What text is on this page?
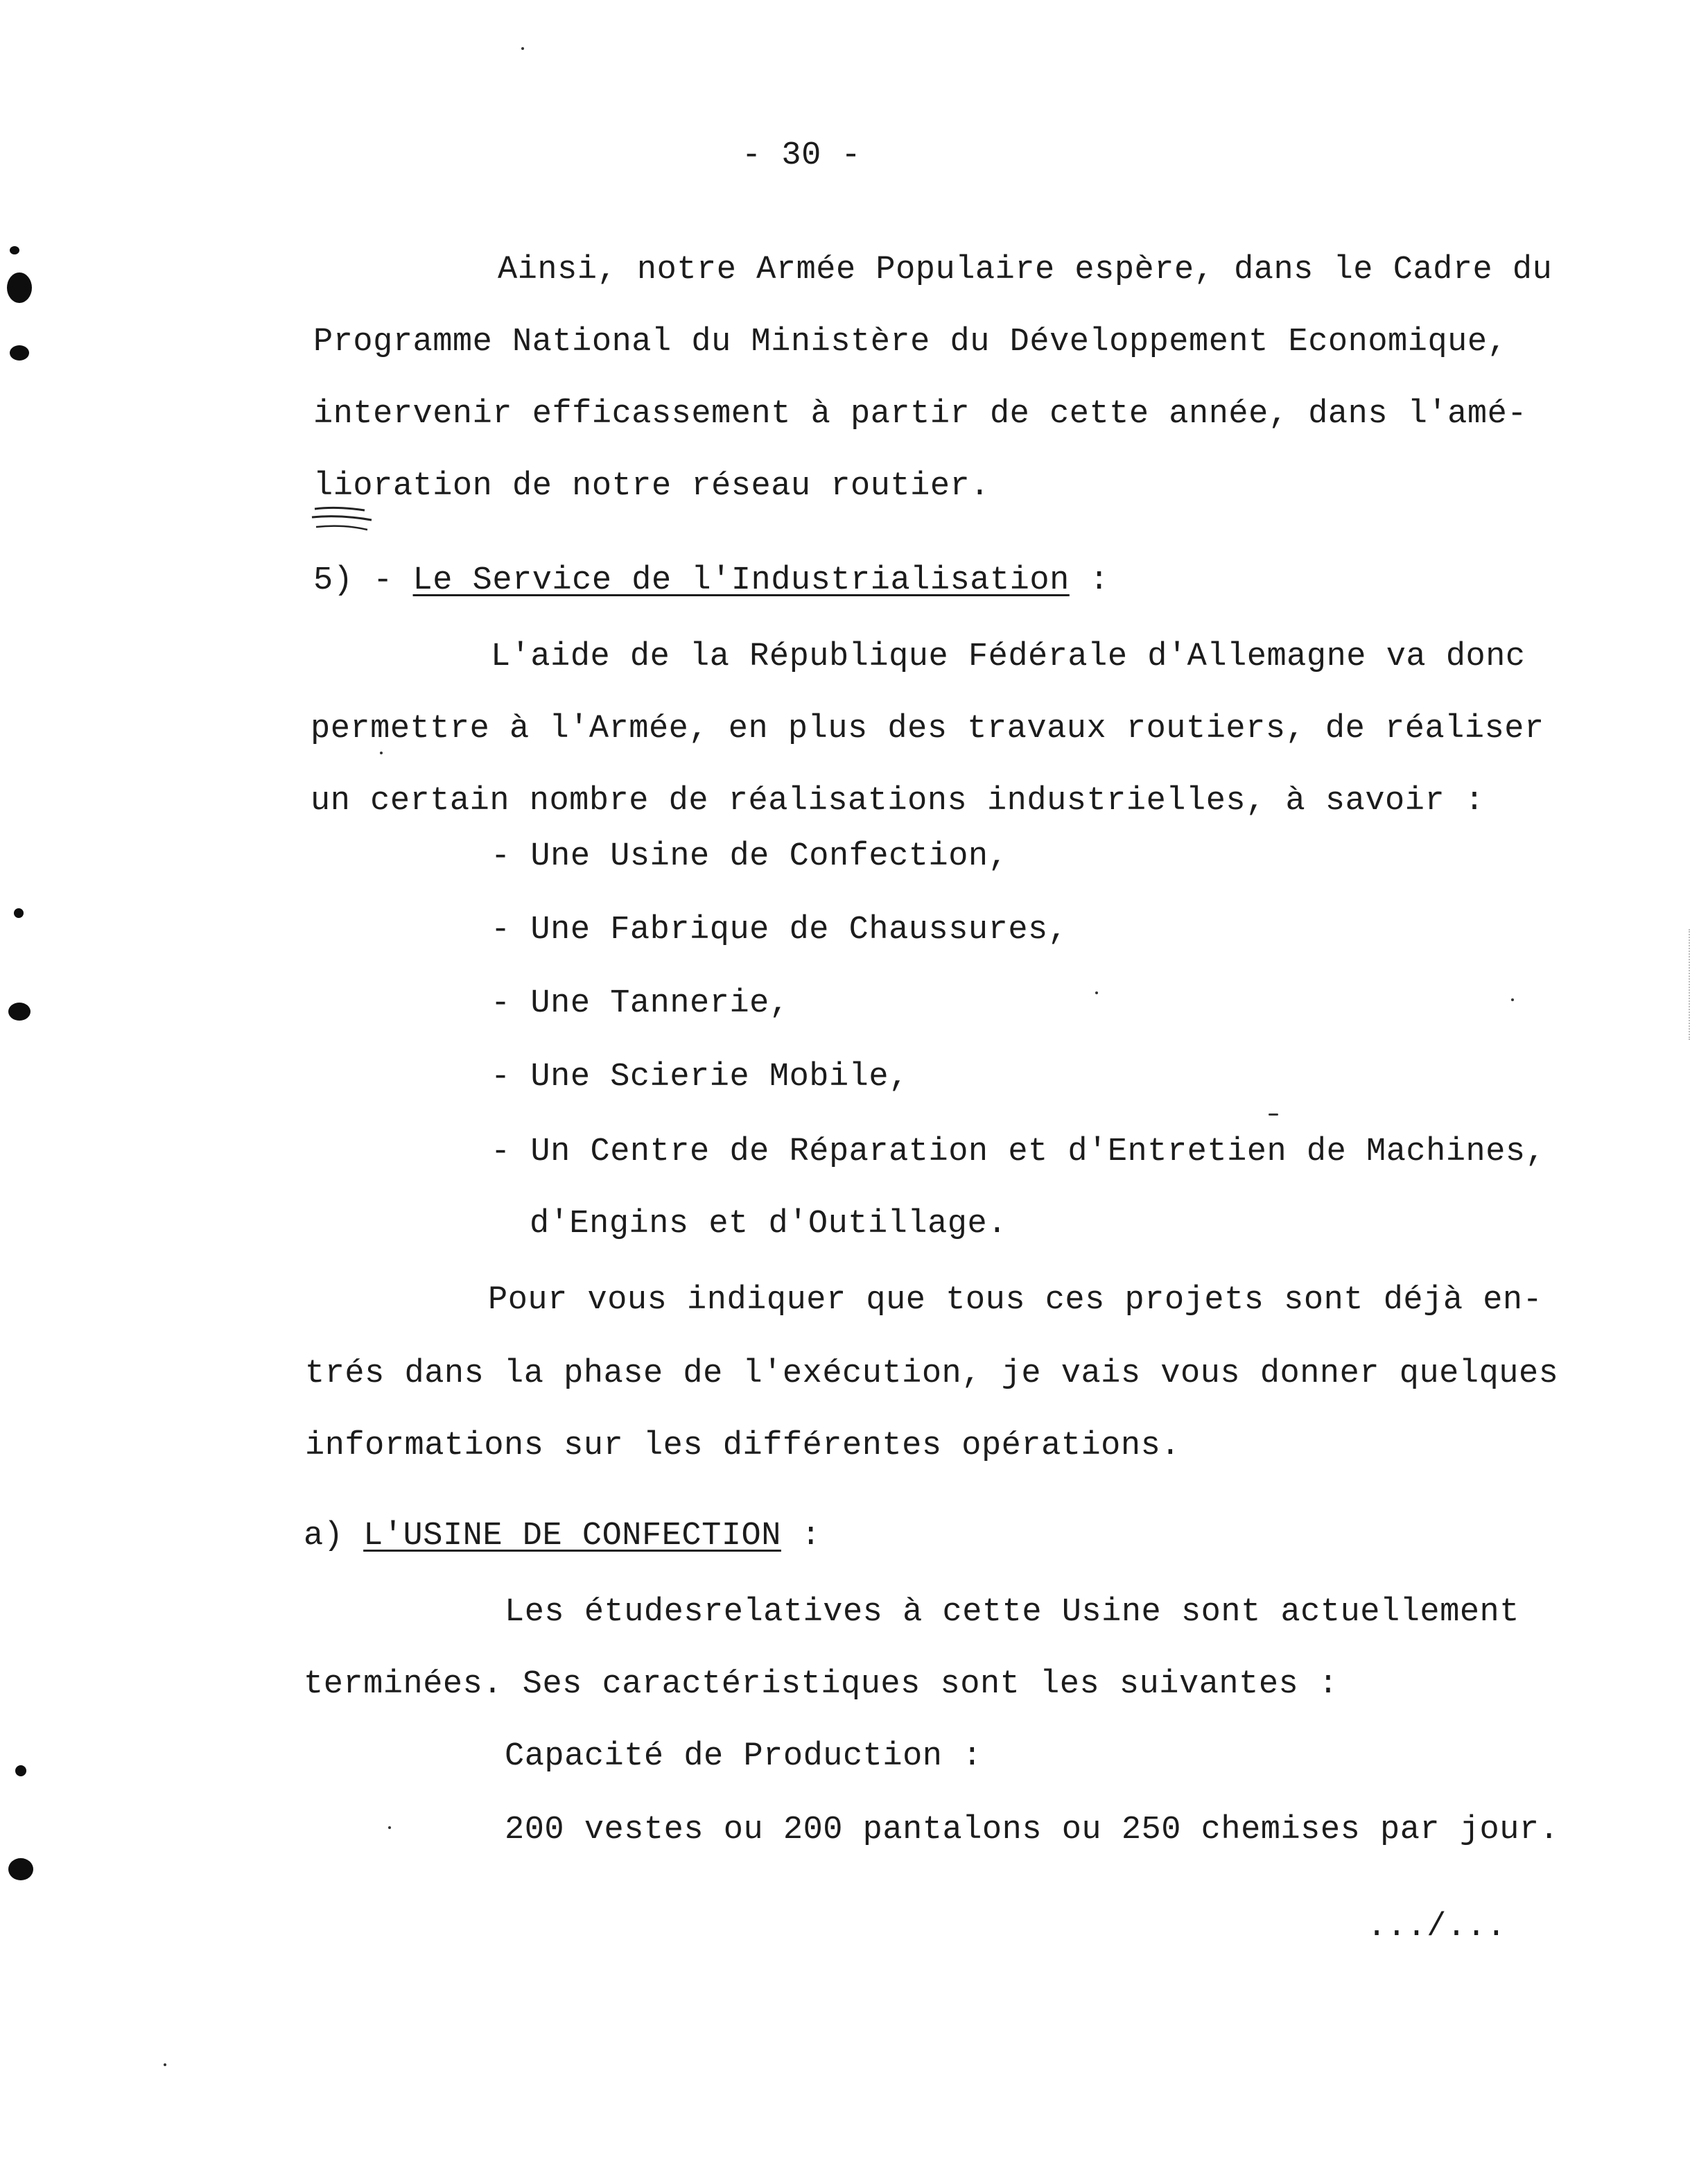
- 30 -
Ainsi, notre Armée Populaire espère, dans le Cadre du
Programme National du Ministère du Développement Economique,
intervenir efficassement à partir de cette année, dans l'amé-
lioration de notre réseau routier.
5) - Le Service de l'Industrialisation :
L'aide de la République Fédérale d'Allemagne va donc
permettre à l'Armée, en plus des travaux routiers, de réaliser
un certain nombre de réalisations industrielles, à savoir :
- Une Usine de Confection,
- Une Fabrique de Chaussures,
- Une Tannerie,
- Une Scierie Mobile,
- Un Centre de Réparation et d'Entretien de Machines,
d'Engins et d'Outillage.
Pour vous indiquer que tous ces projets sont déjà en-
trés dans la phase de l'exécution, je vais vous donner quelques
informations sur les différentes opérations.
a) L'USINE DE CONFECTION :
Les étudesrelatives à cette Usine sont actuellement
terminées. Ses caractéristiques sont les suivantes :
Capacité de Production :
200 vestes ou 200 pantalons ou 250 chemises par jour.
.../...
